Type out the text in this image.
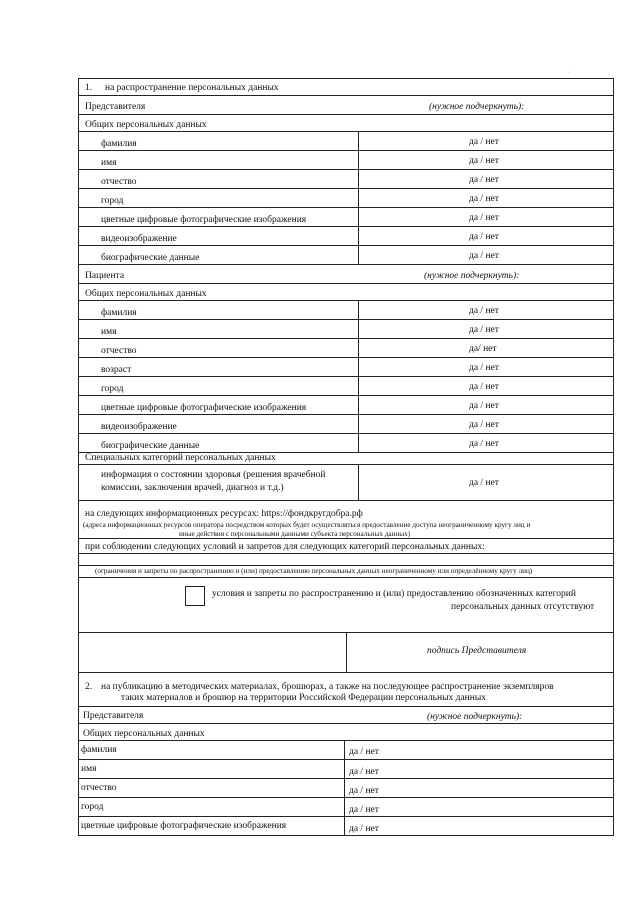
1. на распространение персональных данных
Представителя	(нужное подчеркнуть):
Общих персональных данных
фамилия	да / нет
имя	да / нет
отчество	да / нет
город	да / нет
цветные цифровые фотографические изображения	да / нет
видеоизображение	да / нет
биографические данные	да / нет
Пациента	(нужное подчеркнуть):
Общих персональных данных
фамилия	да / нет
имя	да / нет
отчество	да/ нет
возраст	да / нет
город	да / нет
цветные цифровые фотографические изображения	да / нет
видеоизображение	да / нет
биографические данные	да / нет
Специальных категорий персональных данных
информация о состоянии здоровья (решения врачебной
комиссии, заключения врачей, диагноз и т.д.)	да / нет
на следующих информационных ресурсах: https://фондкругдобра.рф
(адреса информационных ресурсов оператора посредством которых будет осуществляться предоставление доступа неограниченному кругу лиц и
иные действия с персональными данными субъекта персональных данных)
при соблюдении следующих условий и запретов для следующих категорий персональных данных:
(ограничения и запреты по распространению и (или) предоставлению персональных данных неограниченному или определённому кругу лиц)
условия и запреты по распространению и (или) предоставлению обозначенных категорий
персональных данных отсутствуют
подпись Представителя
2. на публикацию в методических материалах, брошюрах, а также на последующее распространение экземпляров
таких материалов и брошюр на территории Российской Федерации персональных данных
Представителя	(нужное подчеркнуть):
Общих персональных данных
фамилия	да / нет
имя	да / нет
отчество	да / нет
город	да / нет
цветные цифровые фотографические изображения	да / нет
·
